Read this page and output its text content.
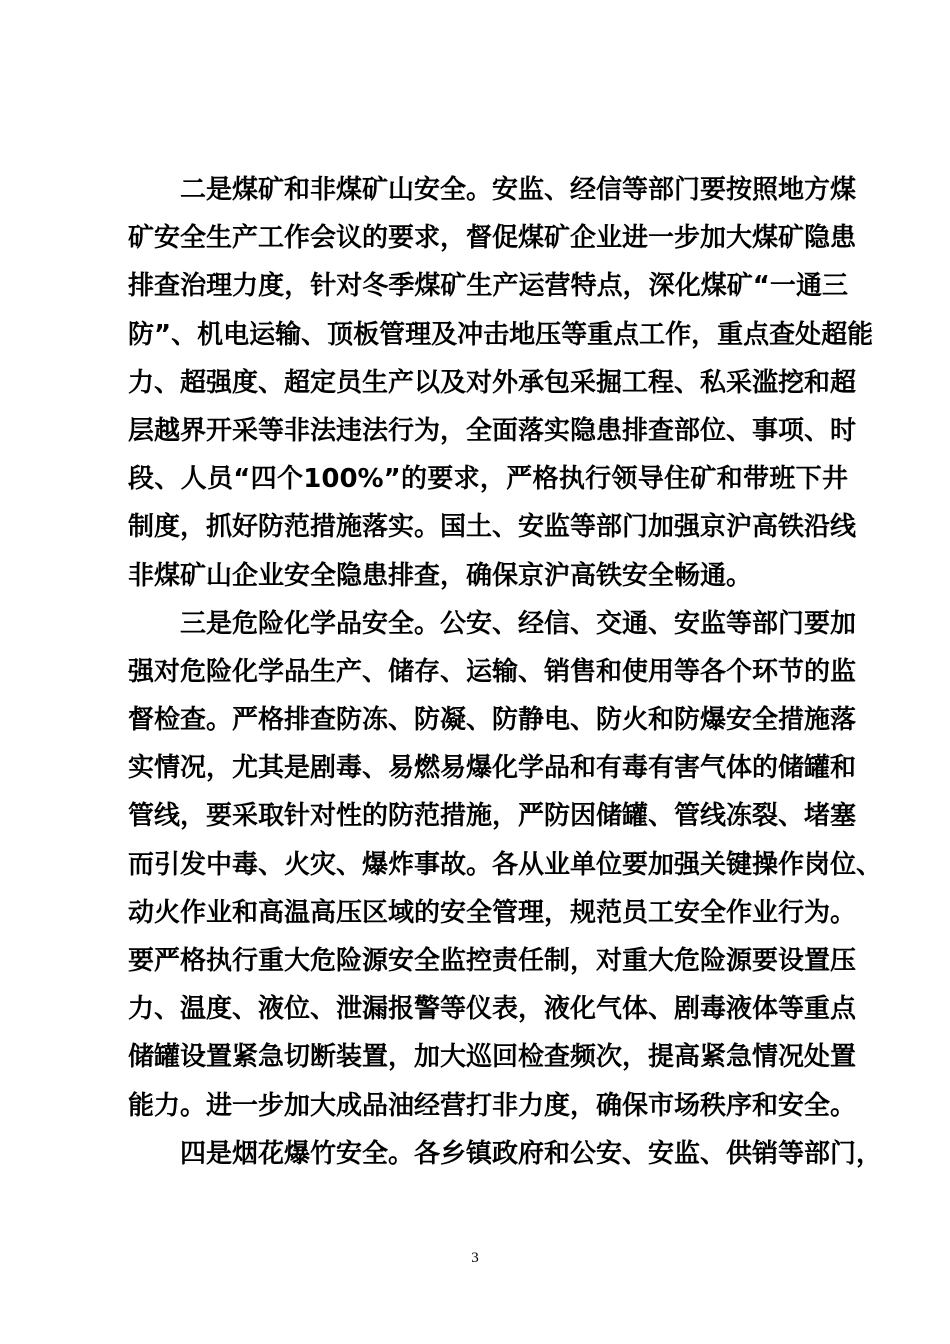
二是煤矿和非煤矿山安全。安监、经信等部门要按照地方煤
矿安全生产工作会议的要求，督促煤矿企业进一步加大煤矿隐患
排查治理力度，针对冬季煤矿生产运营特点，深化煤矿“一通三
防”、机电运输、顶板管理及冲击地压等重点工作，重点查处超能
力、超强度、超定员生产以及对外承包采掘工程、私采滥挖和超
层越界开采等非法违法行为，全面落实隐患排查部位、事项、时
段、人员“四个100%”的要求，严格执行领导住矿和带班下井
制度，抓好防范措施落实。国土、安监等部门加强京沪高铁沿线
非煤矿山企业安全隐患排查，确保京沪高铁安全畅通。
三是危险化学品安全。公安、经信、交通、安监等部门要加
强对危险化学品生产、储存、运输、销售和使用等各个环节的监
督检查。严格排查防冻、防凝、防静电、防火和防爆安全措施落
实情况，尤其是剧毒、易燃易爆化学品和有毒有害气体的储罐和
管线，要采取针对性的防范措施，严防因储罐、管线冻裂、堵塞
而引发中毒、火灾、爆炸事故。各从业单位要加强关键操作岗位、
动火作业和高温高压区域的安全管理，规范员工安全作业行为。
要严格执行重大危险源安全监控责任制，对重大危险源要设置压
力、温度、液位、泄漏报警等仪表，液化气体、剧毒液体等重点
储罐设置紧急切断装置，加大巡回检查频次，提高紧急情况处置
能力。进一步加大成品油经营打非力度，确保市场秩序和安全。
四是烟花爆竹安全。各乡镇政府和公安、安监、供销等部门，
3
